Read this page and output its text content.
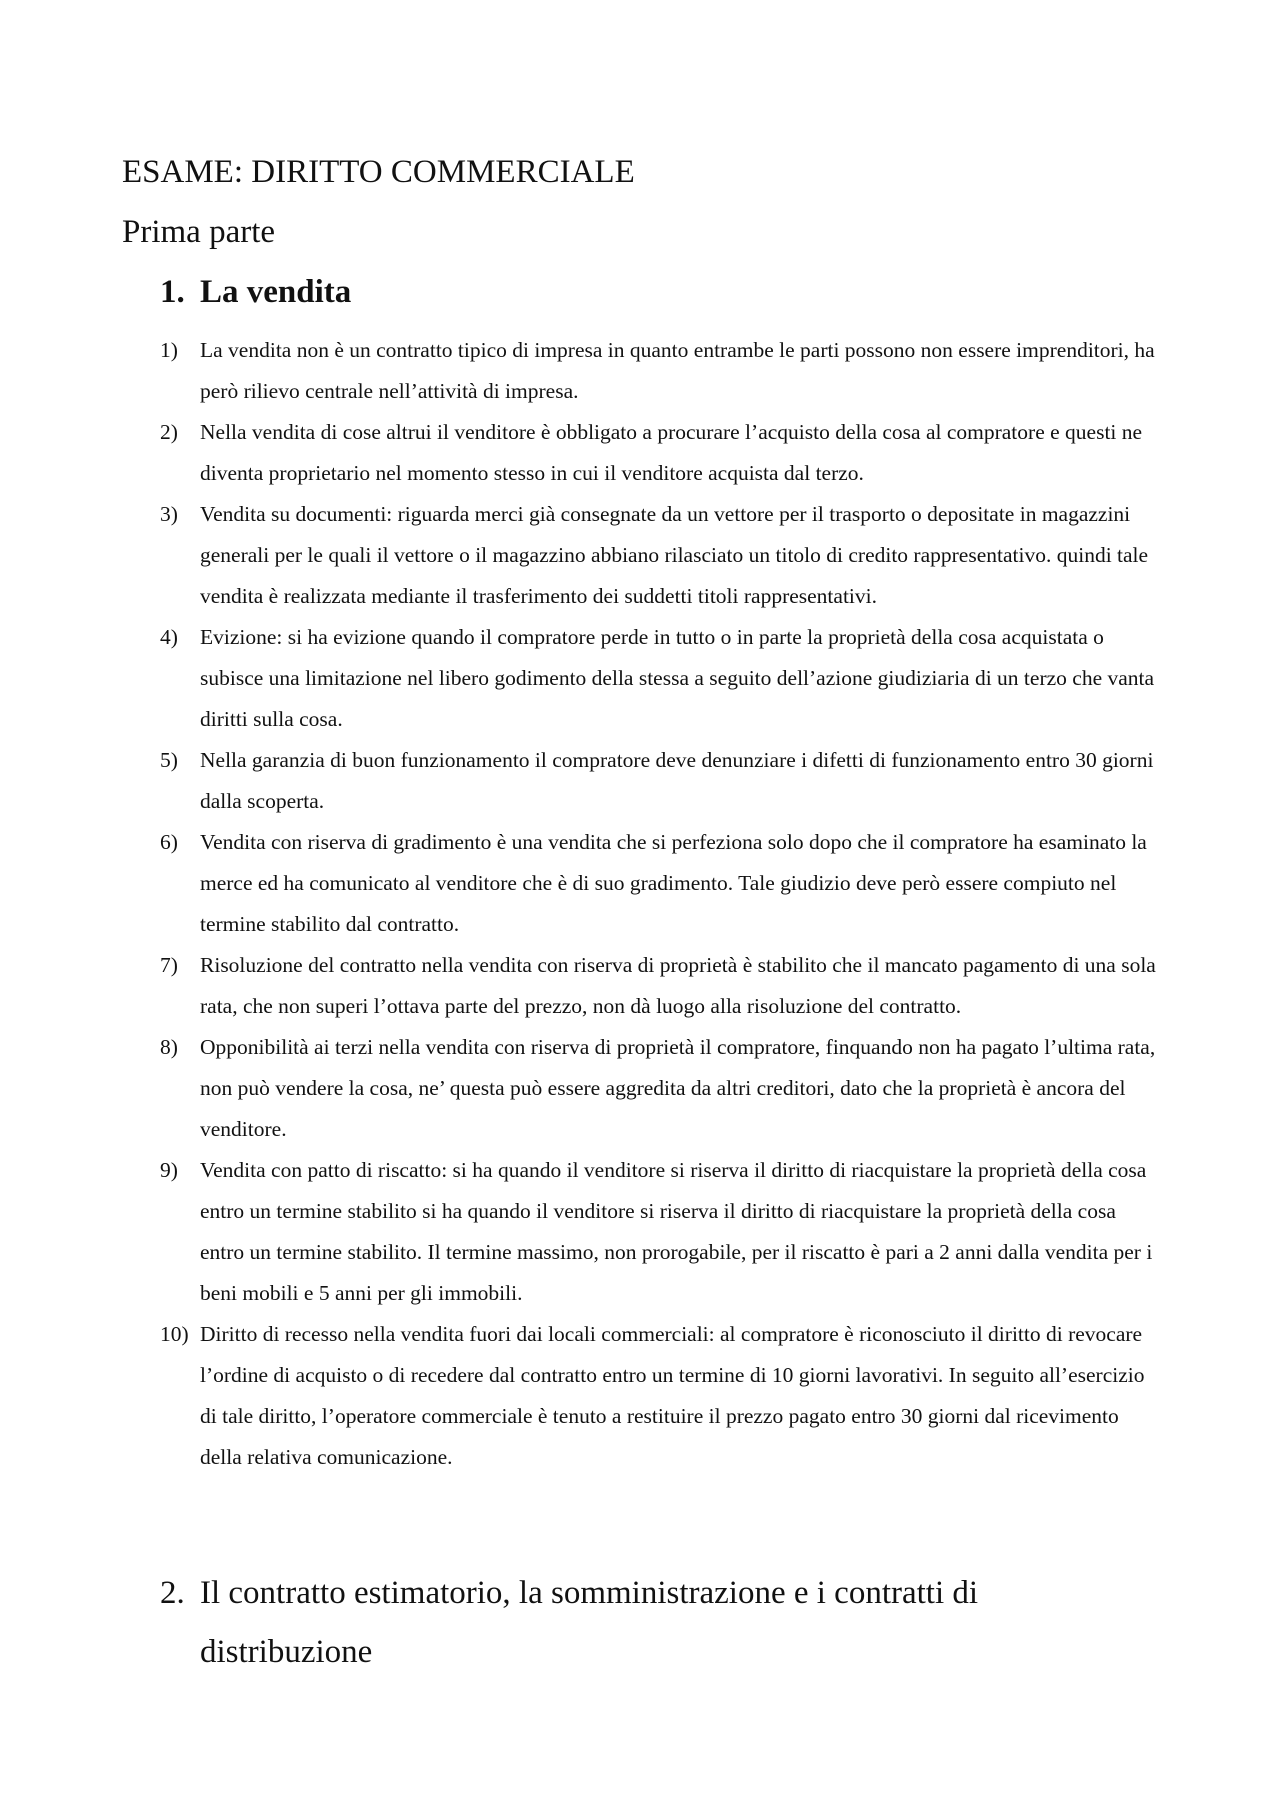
ESAME: DIRITTO COMMERCIALE
Prima parte
1. La vendita
1) La vendita non è un contratto tipico di impresa in quanto entrambe le parti possono non essere imprenditori, ha però rilievo centrale nell’attività di impresa.
2) Nella vendita di cose altrui il venditore è obbligato a procurare l’acquisto della cosa al compratore e questi ne diventa proprietario nel momento stesso in cui il venditore acquista dal terzo.
3) Vendita su documenti: riguarda merci già consegnate da un vettore per il trasporto o depositate in magazzini generali per le quali il vettore o il magazzino abbiano rilasciato un titolo di credito rappresentativo. quindi tale vendita è realizzata mediante il trasferimento dei suddetti titoli rappresentativi.
4) Evizione: si ha evizione quando il compratore perde in tutto o in parte la proprietà della cosa acquistata o subisce una limitazione nel libero godimento della stessa a seguito dell’azione giudiziaria di un terzo che vanta diritti sulla cosa.
5) Nella garanzia di buon funzionamento il compratore deve denunziare i difetti di funzionamento entro 30 giorni dalla scoperta.
6) Vendita con riserva di gradimento è una vendita che si perfeziona solo dopo che il compratore ha esaminato la merce ed ha comunicato al venditore che è di suo gradimento. Tale giudizio deve però essere compiuto nel termine stabilito dal contratto.
7) Risoluzione del contratto nella vendita con riserva di proprietà è stabilito che il mancato pagamento di una sola rata, che non superi l’ottava parte del prezzo, non dà luogo alla risoluzione del contratto.
8) Opponibilità ai terzi nella vendita con riserva di proprietà il compratore, finquando non ha pagato l’ultima rata, non può vendere la cosa, ne’ questa può essere aggredita da altri creditori, dato che la proprietà è ancora del venditore.
9) Vendita con patto di riscatto: si ha quando il venditore si riserva il diritto di riacquistare la proprietà della cosa entro un termine stabilito si ha quando il venditore si riserva il diritto di riacquistare la proprietà della cosa entro un termine stabilito. Il termine massimo, non prorogabile, per il riscatto è pari a 2 anni dalla vendita per i beni mobili e 5 anni per gli immobili.
10) Diritto di recesso nella vendita fuori dai locali commerciali: al compratore è riconosciuto il diritto di revocare l’ordine di acquisto o di recedere dal contratto entro un termine di 10 giorni lavorativi. In seguito all’esercizio di tale diritto, l’operatore commerciale è tenuto a restituire il prezzo pagato entro 30 giorni dal ricevimento della relativa comunicazione.
2. Il contratto estimatorio, la somministrazione e i contratti di distribuzione
